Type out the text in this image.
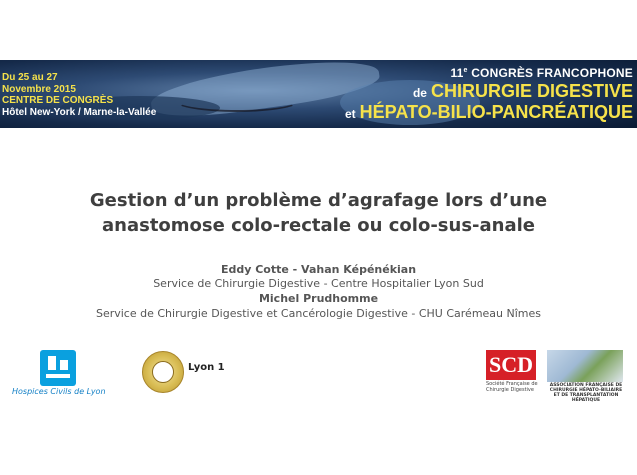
Du 25 au 27
Novembre 2015
CENTRE DE CONGRÈS
Hôtel New-York / Marne-la-Vallée
11e CONGRÈS FRANCOPHONE
de CHIRURGIE DIGESTIVE
et HÉPATO-BILIO-PANCRÉATIQUE
Gestion d’un problème d’agrafage lors d’une
anastomose colo-rectale ou colo-sus-anale
Eddy Cotte - Vahan Képénékian
Service de Chirurgie Digestive - Centre Hospitalier Lyon Sud
Michel Prudhomme
Service de Chirurgie Digestive et Cancérologie Digestive - CHU Carémeau Nîmes
Hospices Civils de Lyon
Lyon 1	SCD
Société Française de Chirurgie Digestive
ASSOCIATION FRANÇAISE DE CHIRURGIE HÉPATO-BILIAIRE ET DE TRANSPLANTATION HÉPATIQUE
